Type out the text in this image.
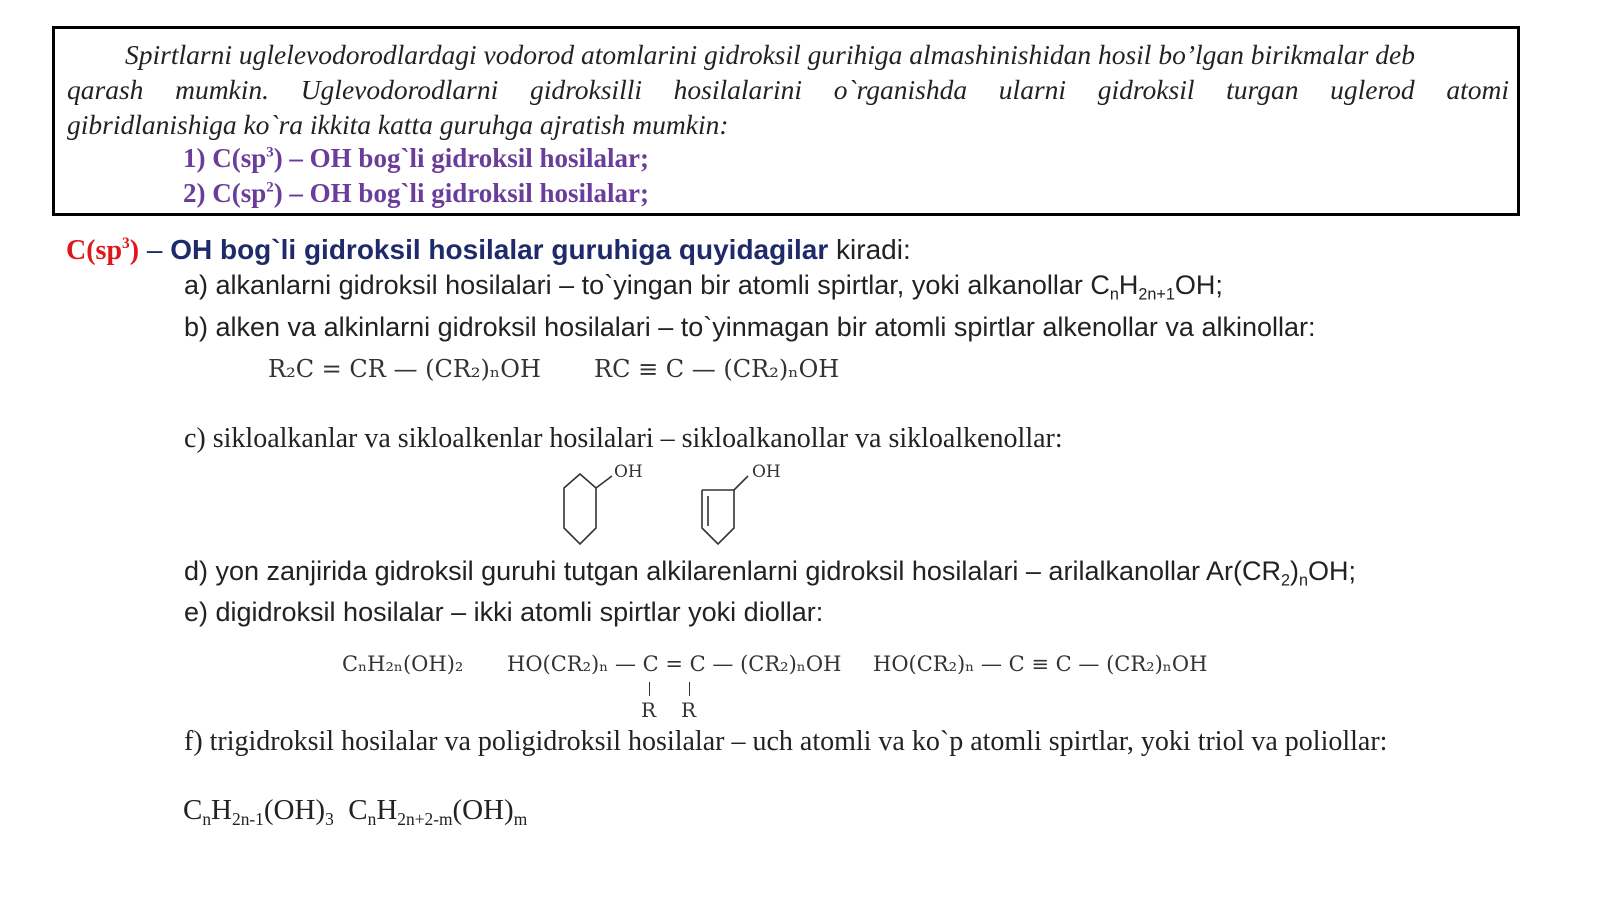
Spirtlarni uglelevodorodlardagi vodorod atomlarini gidroksil gurihiga almashinishidan hosil bo’lgan birikmalar deb
qarash mumkin. Uglevodorodlarni gidroksilli hosilalarini o`rganishda ularni gidroksil turgan uglerod atomi
gibridlanishiga ko`ra ikkita katta guruhga ajratish mumkin:
1) $C(sp^3)$ – OH bog`li gidroksil hosilalar;
2) $C(sp^2)$ – OH bog`li gidroksil hosilalar;
$C(sp^3)$ – OH bog`li gidroksil hosilalar guruhiga quyidagilar kiradi:
a) alkanlarni gidroksil hosilalari – to`yingan bir atomli spirtlar, yoki alkanollar $C_nH_{2n+1}OH$;
b) alken va alkinlarni gidroksil hosilalari – to`yinmagan bir atomli spirtlar alkenollar va alkinollar:
R₂C = CR — (CR₂)ₙOH RC ≡ C — (CR₂)ₙOH
c) sikloalkanlar va sikloalkenlar hosilalari – sikloalkanollar va sikloalkenollar:
OH	OH
d) yon zanjirida gidroksil guruhi tutgan alkilarenlarni gidroksil hosilalari – arilalkanollar $Ar(CR_2)_nOH$;
e) digidroksil hosilalar – ikki atomli spirtlar yoki diollar:
CₙH₂ₙ(OH)₂ HO(CR₂)ₙ — C = C — (CR₂)ₙOH
R R
HO(CR₂)ₙ — C ≡ C — (CR₂)ₙOH
f) trigidroksil hosilalar va poligidroksil hosilalar – uch atomli va ko`p atomli spirtlar, yoki triol va poliollar:
$C_nH_{2n-1}(OH)_3$ $C_nH_{2n+2-m}(OH)_m$
